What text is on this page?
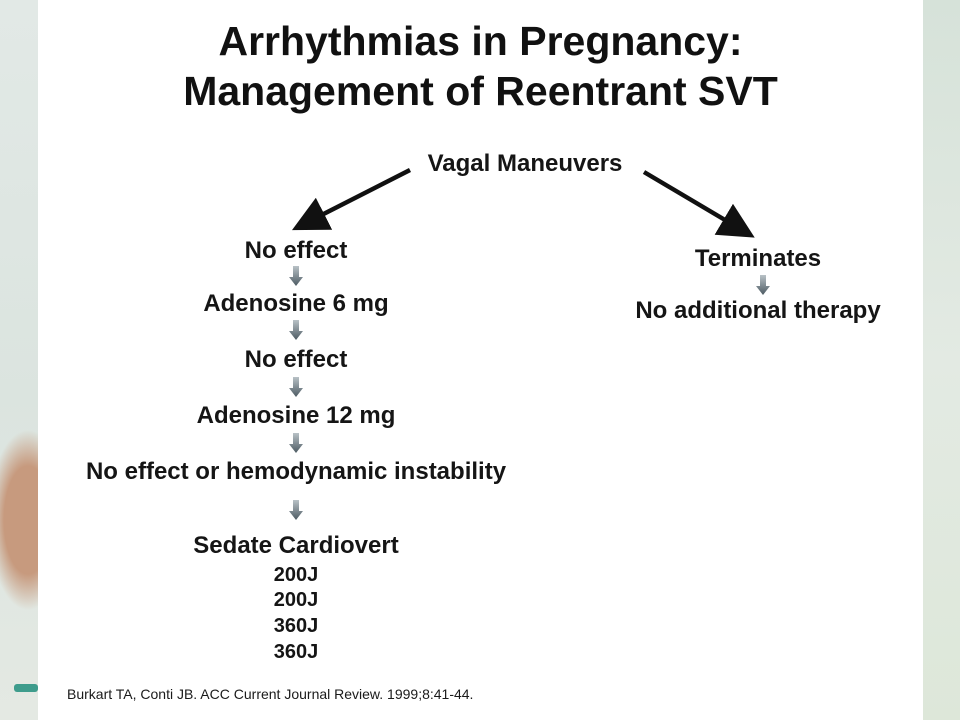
Arrhythmias in Pregnancy:
Management of Reentrant SVT
Vagal Maneuvers
No effect
Adenosine 6 mg
No effect
Adenosine 12 mg
No effect or hemodynamic instability
Sedate Cardiovert
200J
200J
360J
360J
Terminates
No additional therapy
Burkart TA, Conti JB. ACC Current Journal Review. 1999;8:41-44.
